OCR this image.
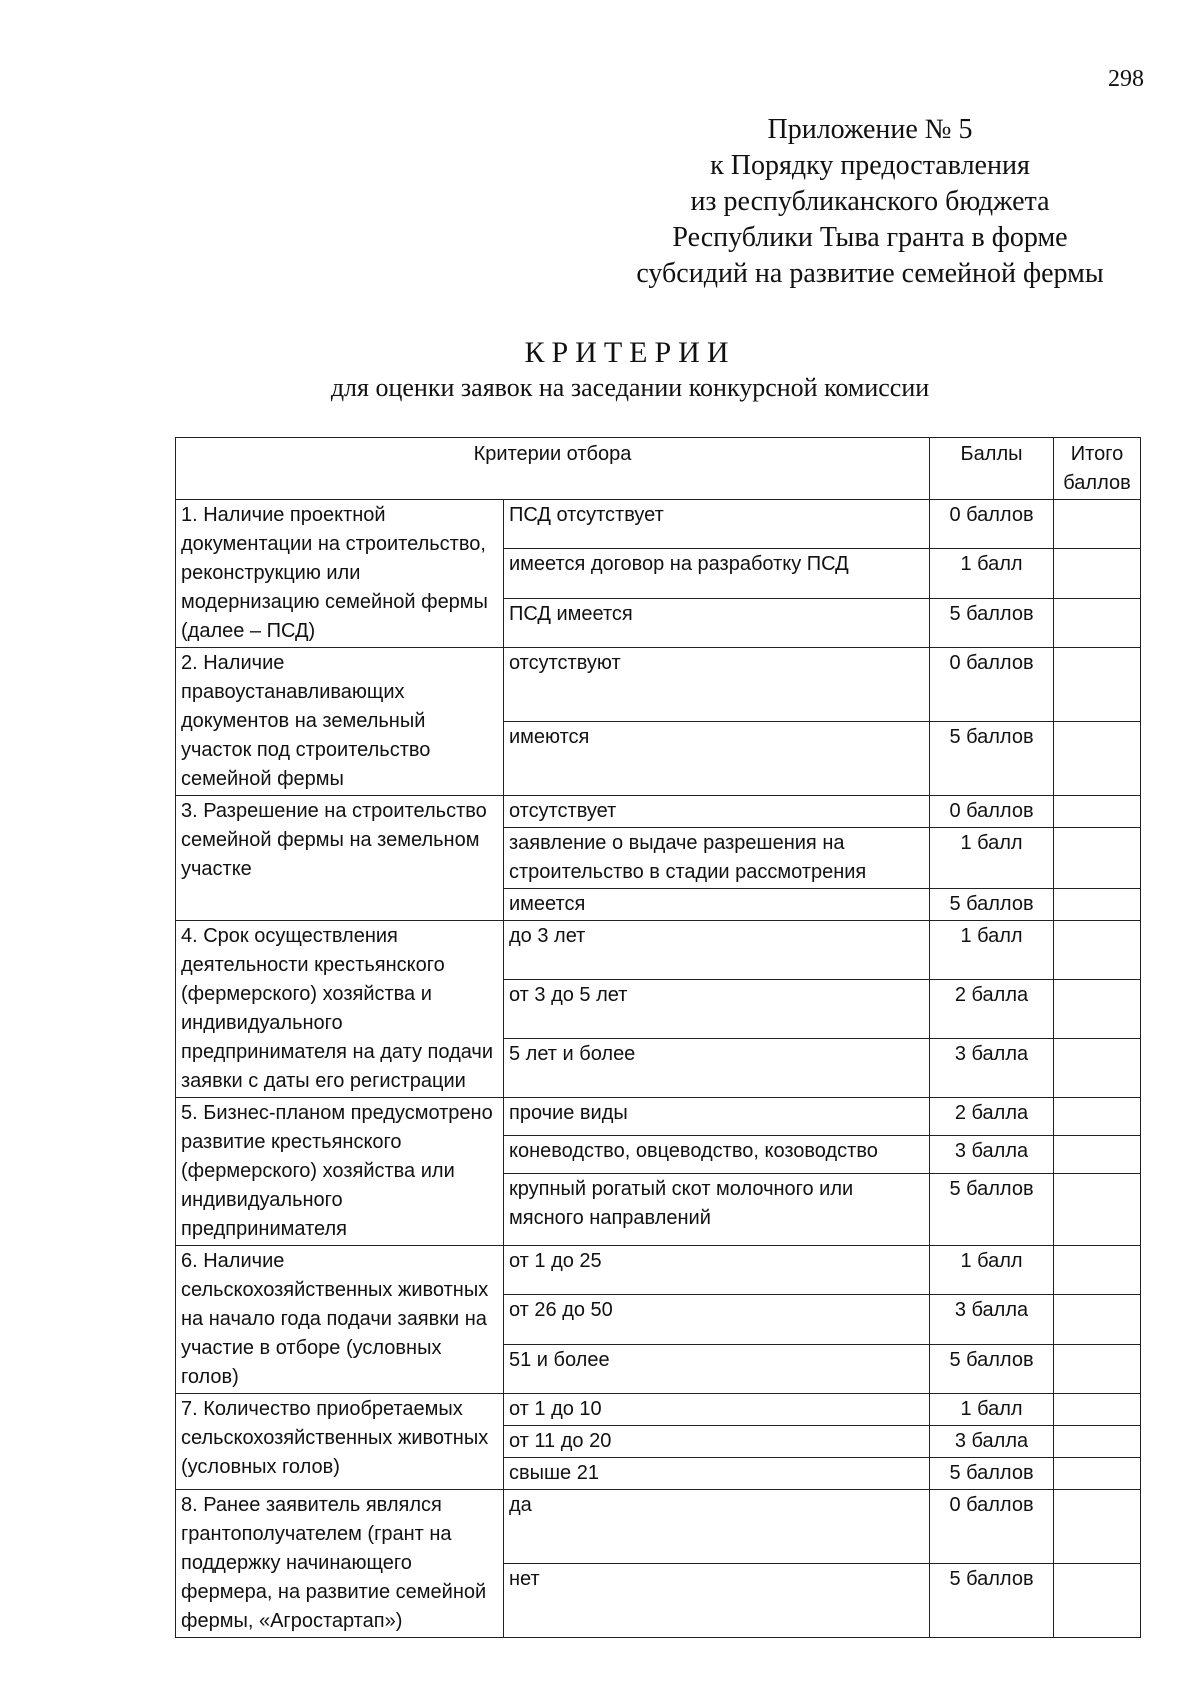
298
Приложение № 5
к Порядку предоставления
из республиканского бюджета
Республики Тыва гранта в форме
субсидий на развитие семейной фермы
КРИТЕРИИ
для оценки заявок на заседании конкурсной комиссии
Критерии отбора		Баллы	Итого баллов
1. Наличие проектной документации на строительство, реконструкцию или модернизацию семейной фермы (далее – ПСД)	ПСД отсутствует	0 баллов	
	имеется договор на разработку ПСД	1 балл	
	ПСД имеется	5 баллов	
2. Наличие правоустанавливающих документов на земельный участок под строительство семейной фермы	отсутствуют	0 баллов	
	имеются	5 баллов	
3. Разрешение на строительство семейной фермы на земельном участке	отсутствует	0 баллов	
	заявление о выдаче разрешения на строительство в стадии рассмотрения	1 балл	
	имеется	5 баллов	
4. Срок осуществления деятельности крестьянского (фермерского) хозяйства и индивидуального предпринимателя на дату подачи заявки с даты его регистрации	до 3 лет	1 балл	
	от 3 до 5 лет	2 балла	
	5 лет и более	3 балла	
5. Бизнес-планом предусмотрено развитие крестьянского (фермерского) хозяйства или индивидуального предпринимателя	прочие виды	2 балла	
	коневодство, овцеводство, козоводство	3 балла	
	крупный рогатый скот молочного или мясного направлений	5 баллов	
6. Наличие сельскохозяйственных животных на начало года подачи заявки на участие в отборе (условных голов)	от 1 до 25	1 балл	
	от 26 до 50	3 балла	
	51 и более	5 баллов	
7. Количество приобретаемых сельскохозяйственных животных (условных голов)	от 1 до 10	1 балл	
	от 11 до 20	3 балла	
	свыше 21	5 баллов	
8. Ранее заявитель являлся грантополучателем (грант на поддержку начинающего фермера, на развитие семейной фермы, «Агростартап»)	да	0 баллов	
	нет	5 баллов	
